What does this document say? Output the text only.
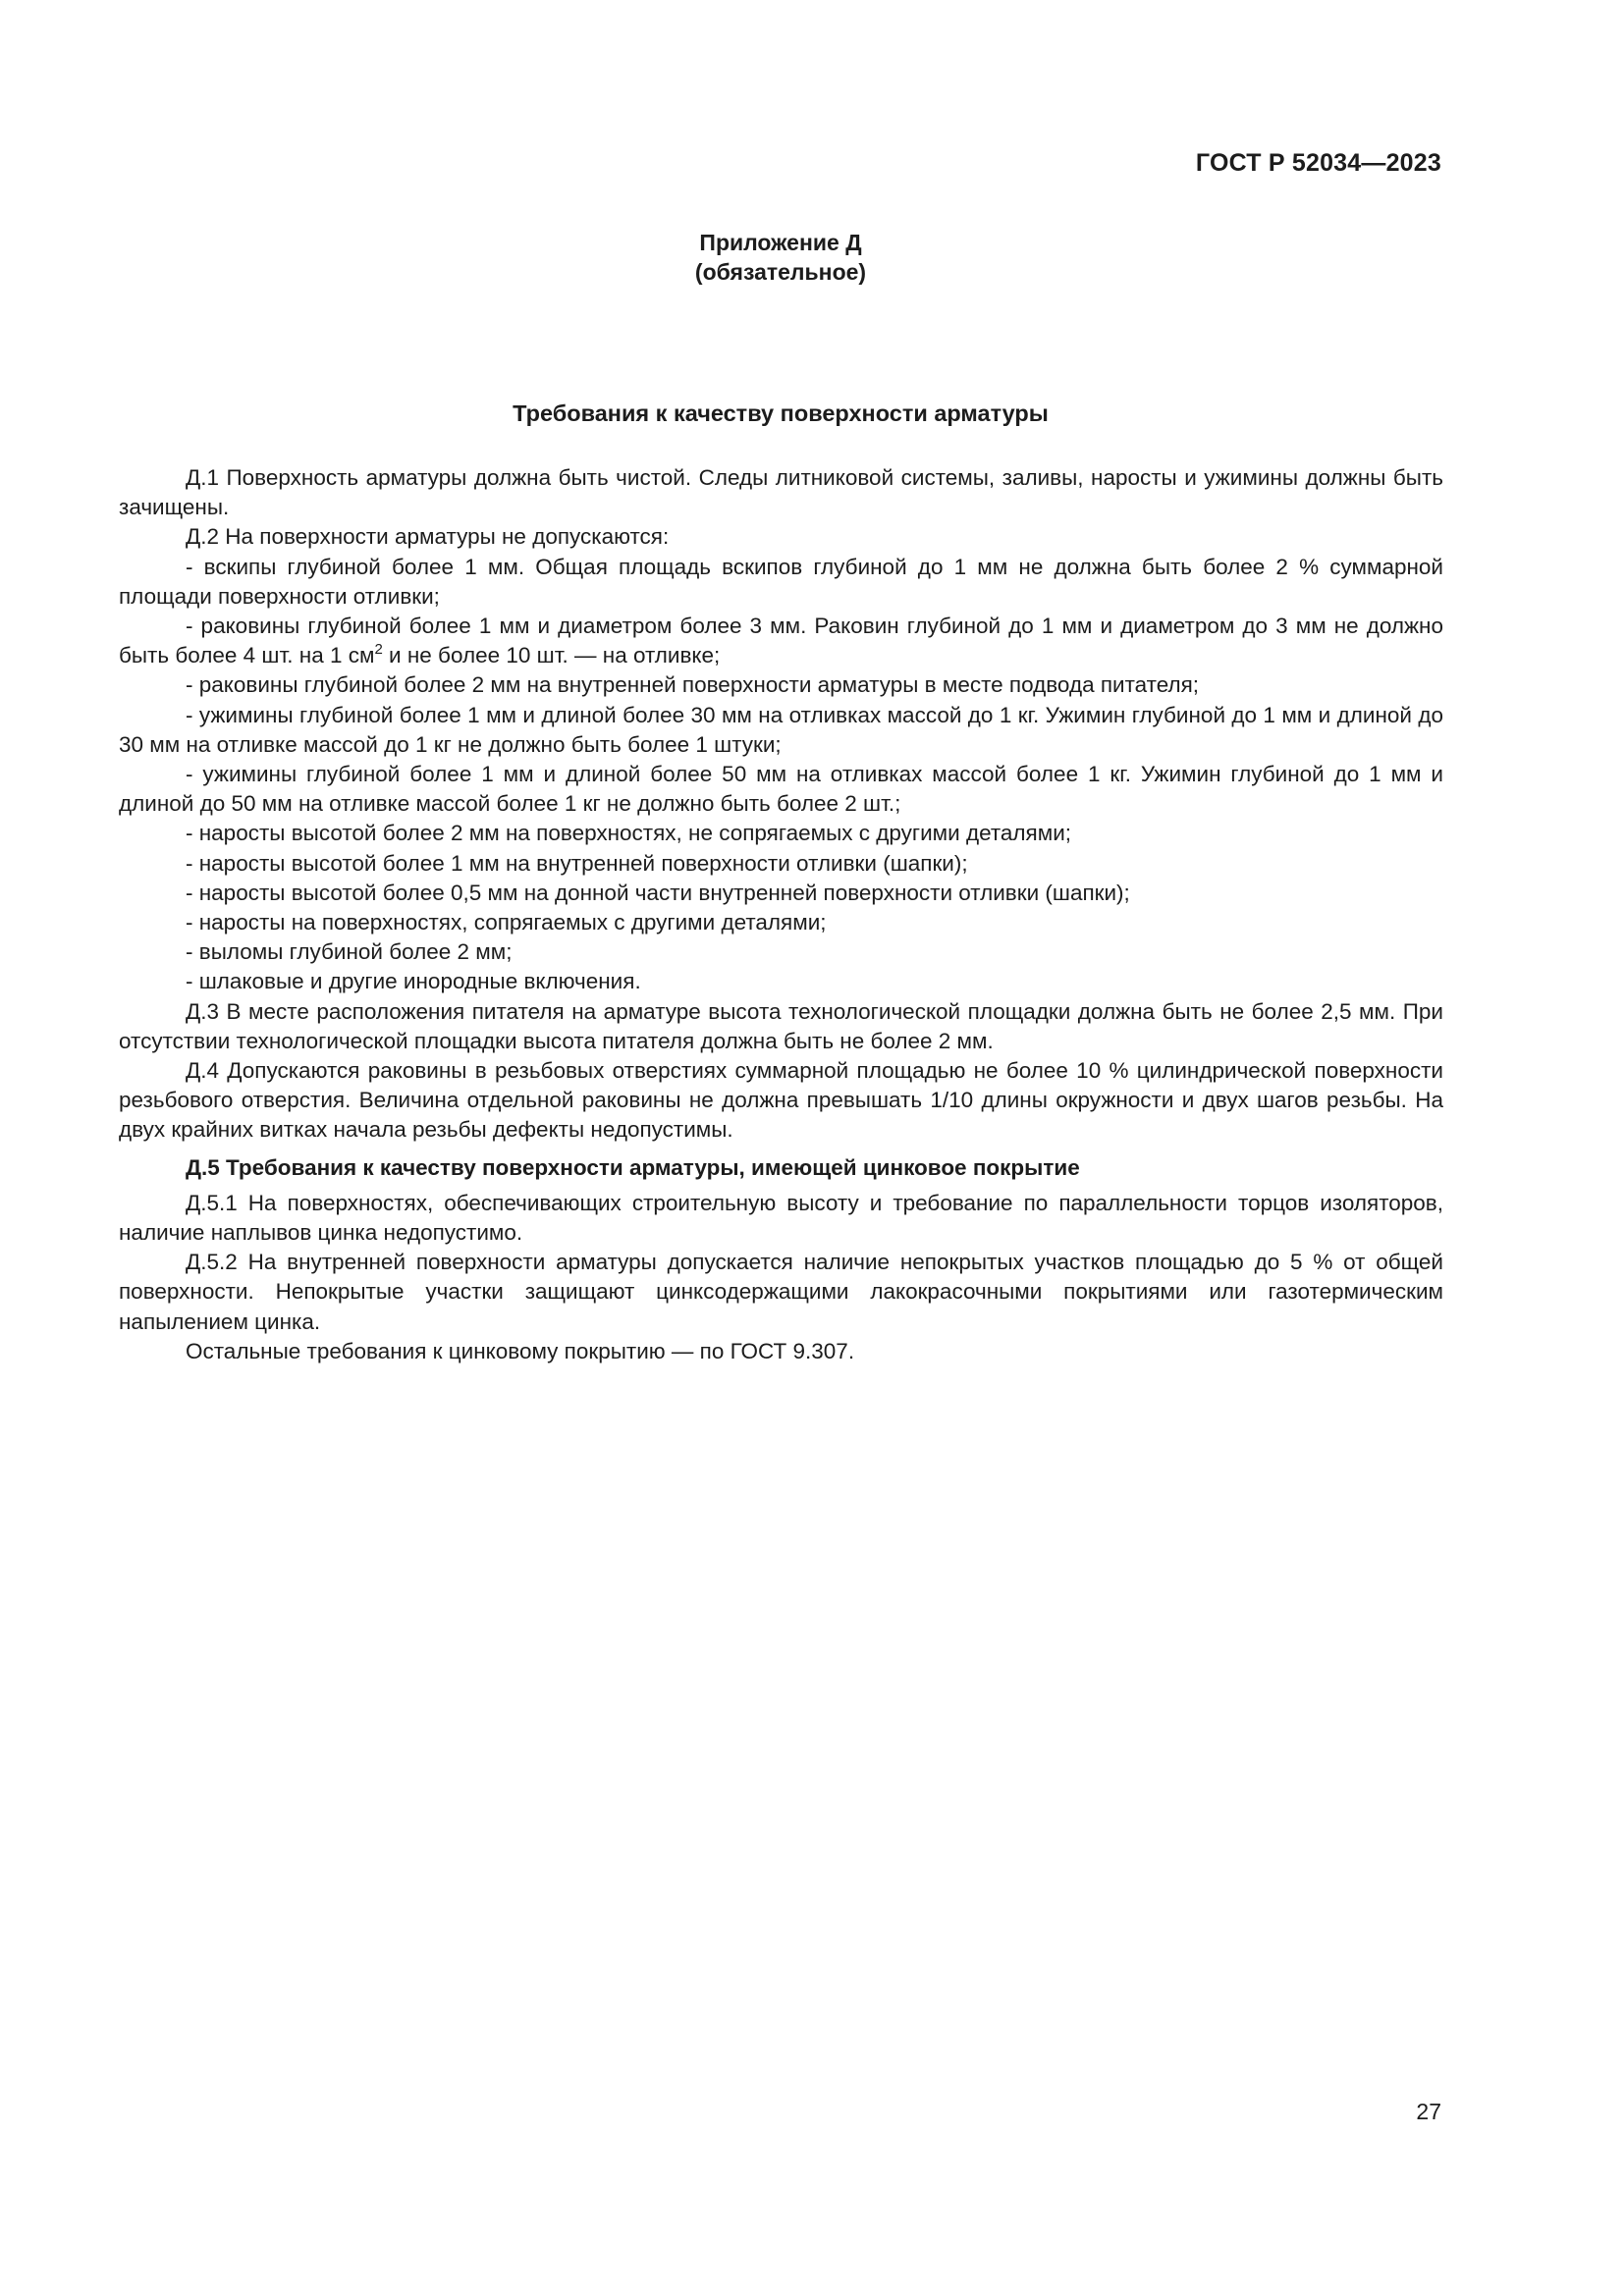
ГОСТ Р 52034—2023
Приложение Д
(обязательное)
Требования к качеству поверхности арматуры

Д.1 Поверхность арматуры должна быть чистой. Следы литниковой системы, заливы, наросты и ужимины должны быть зачищены.

Д.2 На поверхности арматуры не допускаются:

- вскипы глубиной более 1 мм. Общая площадь вскипов глубиной до 1 мм не должна быть более 2 % суммарной площади поверхности отливки;

- раковины глубиной более 1 мм и диаметром более 3 мм. Раковин глубиной до 1 мм и диаметром до 3 мм не должно быть более 4 шт. на 1 $см^2$ и не более 10 шт. — на отливке;

- раковины глубиной более 2 мм на внутренней поверхности арматуры в месте подвода питателя;

- ужимины глубиной более 1 мм и длиной более 30 мм на отливках массой до 1 кг. Ужимин глубиной до 1 мм и длиной до 30 мм на отливке массой до 1 кг не должно быть более 1 штуки;

- ужимины глубиной более 1 мм и длиной более 50 мм на отливках массой более 1 кг. Ужимин глубиной до 1 мм и длиной до 50 мм на отливке массой более 1 кг не должно быть более 2 шт.;

- наросты высотой более 2 мм на поверхностях, не сопрягаемых с другими деталями;

- наросты высотой более 1 мм на внутренней поверхности отливки (шапки);

- наросты высотой более 0,5 мм на донной части внутренней поверхности отливки (шапки);

- наросты на поверхностях, сопрягаемых с другими деталями;

- выломы глубиной более 2 мм;

- шлаковые и другие инородные включения.

Д.3 В месте расположения питателя на арматуре высота технологической площадки должна быть не более 2,5 мм. При отсутствии технологической площадки высота питателя должна быть не более 2 мм.

Д.4 Допускаются раковины в резьбовых отверстиях суммарной площадью не более 10 % цилиндрической поверхности резьбового отверстия. Величина отдельной раковины не должна превышать 1/10 длины окружности и двух шагов резьбы. На двух крайних витках начала резьбы дефекты недопустимы.

Д.5 Требования к качеству поверхности арматуры, имеющей цинковое покрытие

Д.5.1 На поверхностях, обеспечивающих строительную высоту и требование по параллельности торцов изоляторов, наличие наплывов цинка недопустимо.

Д.5.2 На внутренней поверхности арматуры допускается наличие непокрытых участков площадью до 5 % от общей поверхности. Непокрытые участки защищают цинксодержащими лакокрасочными покрытиями или газотермическим напылением цинка.

Остальные требования к цинковому покрытию — по ГОСТ 9.307.

27
